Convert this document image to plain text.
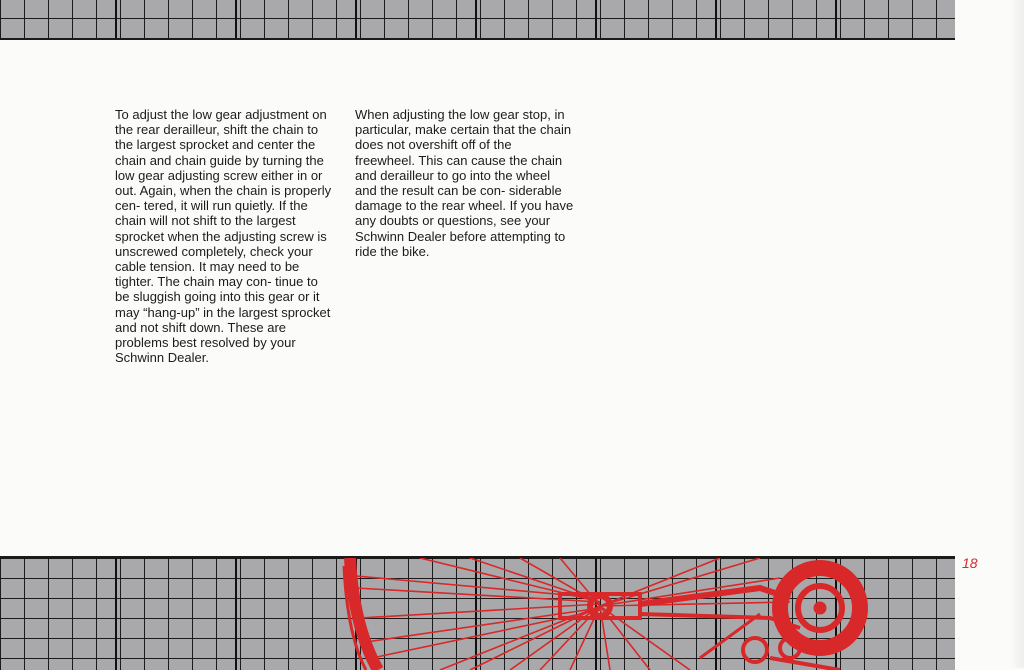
To adjust the low gear adjustment on the rear derailleur, shift the chain to the largest sprocket and center the chain and chain guide by turning the low gear adjusting screw either in or out. Again, when the chain is properly cen- tered, it will run quietly. If the chain will not shift to the largest sprocket when the adjusting screw is unscrewed completely, check your cable tension. It may need to be tighter. The chain may con- tinue to be sluggish going into this gear or it may “hang-up” in the largest sprocket and not shift down. These are problems best resolved by your Schwinn Dealer.

When adjusting the low gear stop, in particular, make certain that the chain does not overshift off of the freewheel. This can cause the chain and derailleur to go into the wheel and the result can be con- siderable damage to the rear wheel. If you have any doubts or questions, see your Schwinn Dealer before attempting to ride the bike.

18
